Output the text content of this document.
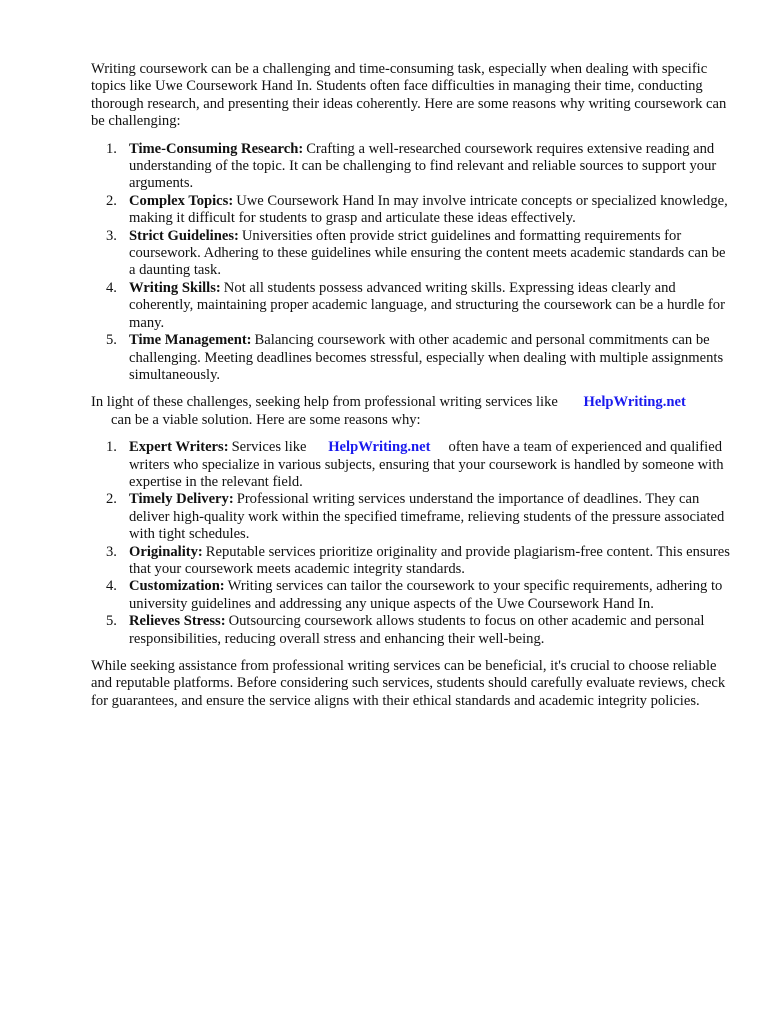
Writing coursework can be a challenging and time-consuming task, especially when dealing with specific topics like Uwe Coursework Hand In. Students often face difficulties in managing their time, conducting thorough research, and presenting their ideas coherently. Here are some reasons why writing coursework can be challenging:

1. Time-Consuming Research: Crafting a well-researched coursework requires extensive reading and understanding of the topic. It can be challenging to find relevant and reliable sources to support your arguments.
2. Complex Topics: Uwe Coursework Hand In may involve intricate concepts or specialized knowledge, making it difficult for students to grasp and articulate these ideas effectively.
3. Strict Guidelines: Universities often provide strict guidelines and formatting requirements for coursework. Adhering to these guidelines while ensuring the content meets academic standards can be a daunting task.
4. Writing Skills: Not all students possess advanced writing skills. Expressing ideas clearly and coherently, maintaining proper academic language, and structuring the coursework can be a hurdle for many.
5. Time Management: Balancing coursework with other academic and personal commitments can be challenging. Meeting deadlines becomes stressful, especially when dealing with multiple assignments simultaneously.

In light of these challenges, seeking help from professional writing services like HelpWriting.net
can be a viable solution. Here are some reasons why:

1. Expert Writers: Services like HelpWriting.net often have a team of experienced and qualified writers who specialize in various subjects, ensuring that your coursework is handled by someone with expertise in the relevant field.
2. Timely Delivery: Professional writing services understand the importance of deadlines. They can deliver high-quality work within the specified timeframe, relieving students of the pressure associated with tight schedules.
3. Originality: Reputable services prioritize originality and provide plagiarism-free content. This ensures that your coursework meets academic integrity standards.
4. Customization: Writing services can tailor the coursework to your specific requirements, adhering to university guidelines and addressing any unique aspects of the Uwe Coursework Hand In.
5. Relieves Stress: Outsourcing coursework allows students to focus on other academic and personal responsibilities, reducing overall stress and enhancing their well-being.

While seeking assistance from professional writing services can be beneficial, it's crucial to choose reliable and reputable platforms. Before considering such services, students should carefully evaluate reviews, check for guarantees, and ensure the service aligns with their ethical standards and academic integrity policies.
